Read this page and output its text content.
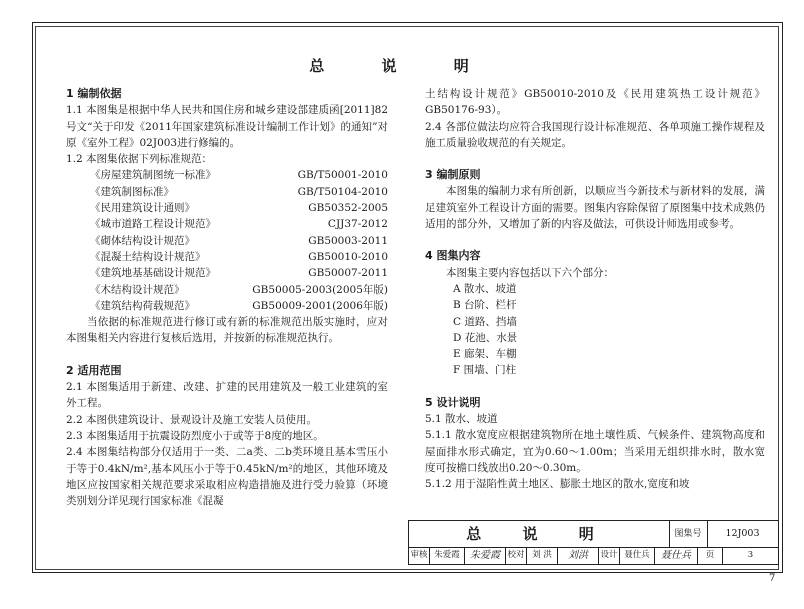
总 说 明
1 编制依据
1.1 本图集是根据中华人民共和国住房和城乡建设部建质函[2011]82号文“关于印发《2011年国家建筑标准设计编制工作计划》的通知”对原《室外工程》02J003进行修编的。
1.2 本图集依据下列标准规范：
《房屋建筑制图统一标准》	GB/T50001-2010
《建筑制图标准》	GB/T50104-2010
《民用建筑设计通则》	GB50352-2005
《城市道路工程设计规范》	CJJ37-2012
《砌体结构设计规范》	GB50003-2011
《混凝土结构设计规范》	GB50010-2010
《建筑地基基础设计规范》	GB50007-2011
《木结构设计规范》	GB50005-2003(2005年版)
《建筑结构荷载规范》	GB50009-2001(2006年版)
当依据的标准规范进行修订或有新的标准规范出版实施时，应对本图集相关内容进行复核后选用，并按新的标准规范执行。
2 适用范围
2.1 本图集适用于新建、改建、扩建的民用建筑及一般工业建筑的室外工程。
2.2 本图供建筑设计、景观设计及施工安装人员使用。
2.3 本图集适用于抗震设防烈度小于或等于8度的地区。
2.4 本图集结构部分仅适用于一类、二a类、二b类环境且基本雪压小于等于0.4kN/m²,基本风压小于等于0.45kN/m²的地区，其他环境及地区应按国家相关规范要求采取相应构造措施及进行受力验算（环境类别划分详见现行国家标准《混凝
土结构设计规范》GB50010-2010及《民用建筑热工设计规范》GB50176-93）。
2.4 各部位做法均应符合我国现行设计标准规范、各单项施工操作规程及施工质量验收规范的有关规定。
3 编制原则
本图集的编制力求有所创新，以顺应当今新技术与新材料的发展，满足建筑室外工程设计方面的需要。图集内容除保留了原图集中技术成熟仍适用的部分外，又增加了新的内容及做法，可供设计师选用或参考。
4 图集内容
本图集主要内容包括以下六个部分：
A 散水、坡道
B 台阶、栏杆
C 道路、挡墙
D 花池、水景
E 廊架、车棚
F 围墙、门柱
5 设计说明
5.1 散水、坡道
5.1.1 散水宽度应根据建筑物所在地土壤性质、气候条件、建筑物高度和屋面排水形式确定，宜为0.60～1.00m；当采用无组织排水时，散水宽度可按檐口线放出0.20～0.30m。
5.1.2 用于湿陷性黄土地区、膨胀土地区的散水,宽度和坡
总 说 明	图集号	12J003
审核 朱爱霞	朱爱霞 校对 刘 洪	刘洪	设计 聂仕兵	聂仕兵	页	3
7
